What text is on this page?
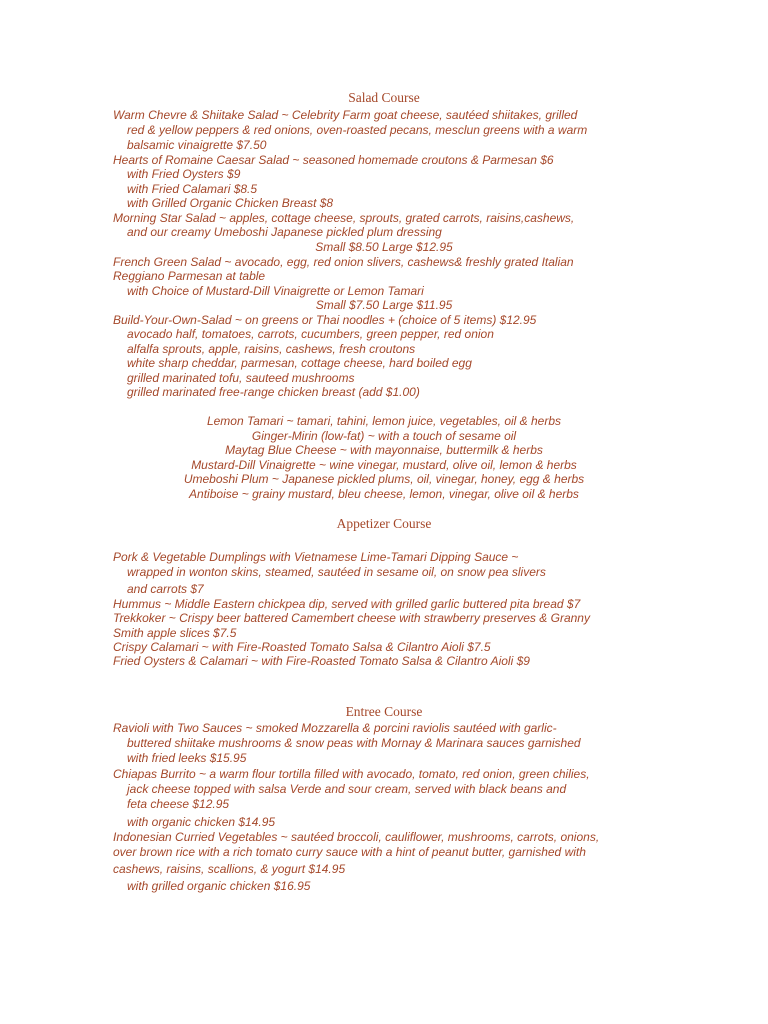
Salad Course
Warm Chevre & Shiitake Salad ~ Celebrity Farm goat cheese, sautéed shiitakes, grilled
red & yellow peppers & red onions, oven-roasted pecans, mesclun greens with a warm
balsamic vinaigrette $7.50
Hearts of Romaine Caesar Salad ~ seasoned homemade croutons & Parmesan $6
with Fried Oysters $9
with Fried Calamari $8.5
with Grilled Organic Chicken Breast $8
Morning Star Salad ~ apples, cottage cheese, sprouts, grated carrots, raisins,cashews,
and our creamy Umeboshi Japanese pickled plum dressing
Small $8.50 Large $12.95
French Green Salad ~ avocado, egg, red onion slivers, cashews& freshly grated Italian
Reggiano Parmesan at table
with Choice of Mustard-Dill Vinaigrette or Lemon Tamari
Small $7.50 Large $11.95
Build-Your-Own-Salad ~ on greens or Thai noodles + (choice of 5 items) $12.95
avocado half, tomatoes, carrots, cucumbers, green pepper, red onion
alfalfa sprouts, apple, raisins, cashews, fresh croutons
white sharp cheddar, parmesan, cottage cheese, hard boiled egg
grilled marinated tofu, sauteed mushrooms
grilled marinated free-range chicken breast (add $1.00)
Lemon Tamari ~ tamari, tahini, lemon juice, vegetables, oil & herbs
Ginger-Mirin (low-fat) ~ with a touch of sesame oil
Maytag Blue Cheese ~ with mayonnaise, buttermilk & herbs
Mustard-Dill Vinaigrette ~ wine vinegar, mustard, olive oil, lemon & herbs
Umeboshi Plum ~ Japanese pickled plums, oil, vinegar, honey, egg & herbs
Antiboise ~ grainy mustard, bleu cheese, lemon, vinegar, olive oil & herbs
Appetizer Course
Pork & Vegetable Dumplings with Vietnamese Lime-Tamari Dipping Sauce ~
wrapped in wonton skins, steamed, sautéed in sesame oil, on snow pea slivers
and carrots $7
Hummus ~ Middle Eastern chickpea dip, served with grilled garlic buttered pita bread $7
Trekkoker ~ Crispy beer battered Camembert cheese with strawberry preserves & Granny
Smith apple slices $7.5
Crispy Calamari ~ with Fire-Roasted Tomato Salsa & Cilantro Aioli $7.5
Fried Oysters & Calamari ~ with Fire-Roasted Tomato Salsa & Cilantro Aioli $9
Entree Course
Ravioli with Two Sauces ~ smoked Mozzarella & porcini raviolis sautéed with garlic-
buttered shiitake mushrooms & snow peas with Mornay & Marinara sauces garnished
with fried leeks $15.95
Chiapas Burrito ~ a warm flour tortilla filled with avocado, tomato, red onion, green chilies,
jack cheese topped with salsa Verde and sour cream, served with black beans and
feta cheese $12.95
with organic chicken $14.95
Indonesian Curried Vegetables ~ sautéed broccoli, cauliflower, mushrooms, carrots, onions,
over brown rice with a rich tomato curry sauce with a hint of peanut butter, garnished with
cashews, raisins, scallions, & yogurt $14.95
with grilled organic chicken $16.95
